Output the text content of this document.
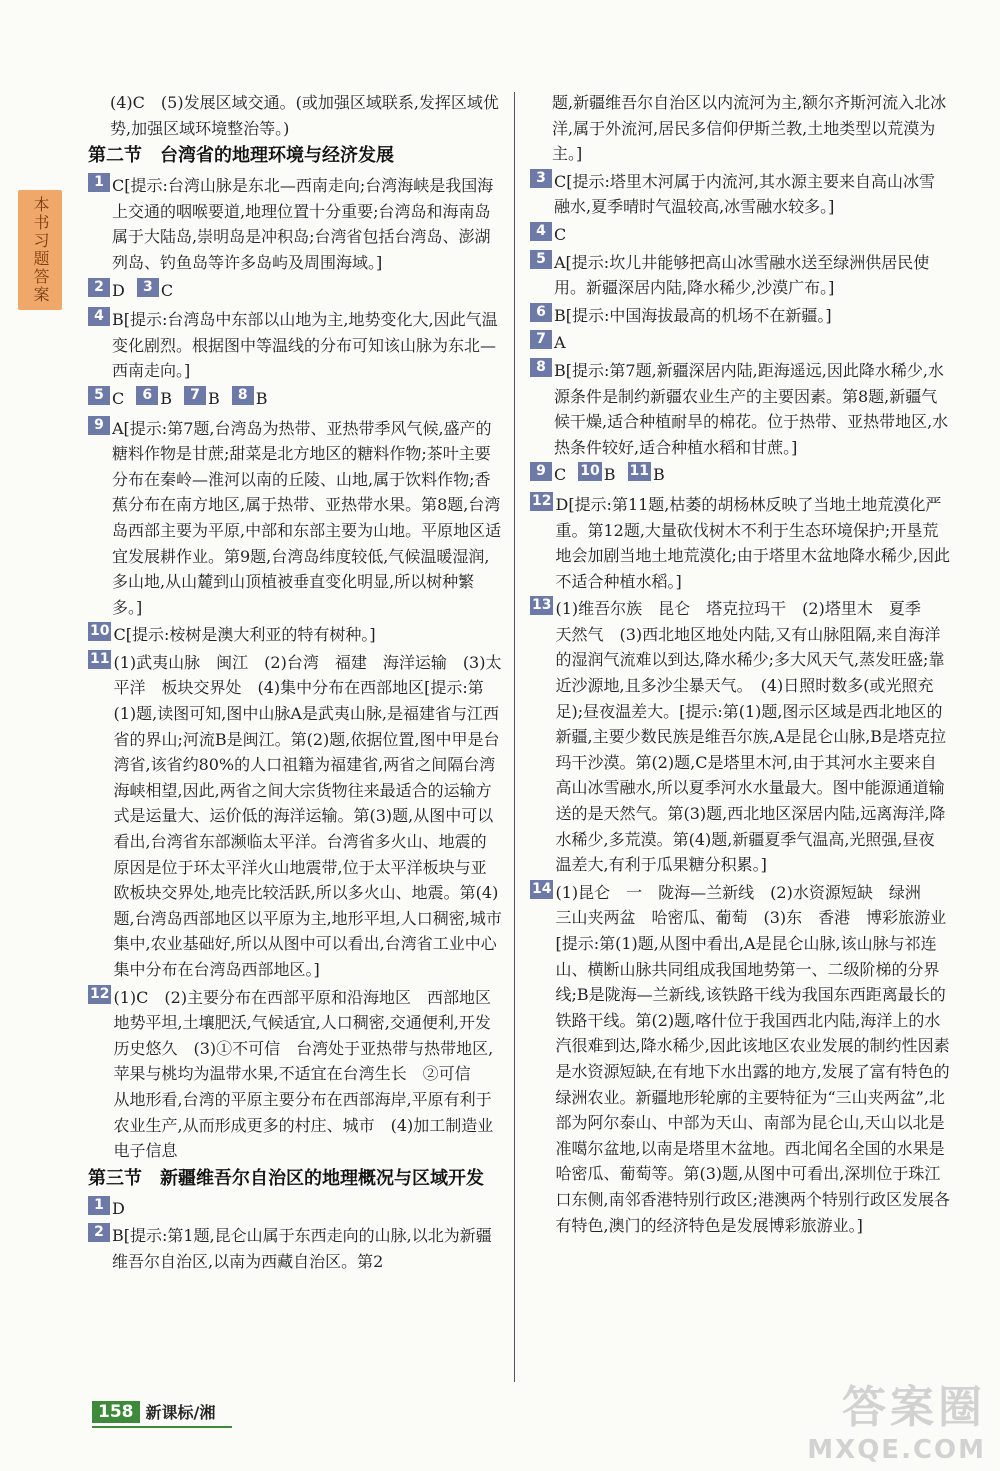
本书习题答案
(4)C　(5)发展区域交通。(或加强区域联系,发挥区域优势,加强区域环境整治等。)
第二节　台湾省的地理环境与经济发展
1 C[提示:台湾山脉是东北—西南走向;台湾海峡是我国海上交通的咽喉要道,地理位置十分重要;台湾岛和海南岛属于大陆岛,崇明岛是冲积岛;台湾省包括台湾岛、澎湖列岛、钓鱼岛等许多岛屿及周围海域。]
2 D	3 C
4 B[提示:台湾岛中东部以山地为主,地势变化大,因此气温变化剧烈。根据图中等温线的分布可知该山脉为东北—西南走向。]
5 C	6 B	7 B	8 B
9 A[提示:第7题,台湾岛为热带、亚热带季风气候,盛产的糖料作物是甘蔗;甜菜是北方地区的糖料作物;茶叶主要分布在秦岭—淮河以南的丘陵、山地,属于饮料作物;香蕉分布在南方地区,属于热带、亚热带水果。第8题,台湾岛西部主要为平原,中部和东部主要为山地。平原地区适宜发展耕作业。第9题,台湾岛纬度较低,气候温暖湿润,多山地,从山麓到山顶植被垂直变化明显,所以树种繁多。]
10 C[提示:桉树是澳大利亚的特有树种。]
11 (1)武夷山脉　闽江　(2)台湾　福建　海洋运输　(3)太平洋　板块交界处　(4)集中分布在西部地区[提示:第(1)题,读图可知,图中山脉A是武夷山脉,是福建省与江西省的界山;河流B是闽江。第(2)题,依据位置,图中甲是台湾省,该省约80%的人口祖籍为福建省,两省之间隔台湾海峡相望,因此,两省之间大宗货物往来最适合的运输方式是运量大、运价低的海洋运输。第(3)题,从图中可以看出,台湾省东部濒临太平洋。台湾省多火山、地震的原因是位于环太平洋火山地震带,位于太平洋板块与亚欧板块交界处,地壳比较活跃,所以多火山、地震。第(4)题,台湾岛西部地区以平原为主,地形平坦,人口稠密,城市集中,农业基础好,所以从图中可以看出,台湾省工业中心集中分布在台湾岛西部地区。]
12 (1)C　(2)主要分布在西部平原和沿海地区　西部地区地势平坦,土壤肥沃,气候适宜,人口稠密,交通便利,开发历史悠久　(3)①不可信　台湾处于亚热带与热带地区,苹果与桃均为温带水果,不适宜在台湾生长　②可信　从地形看,台湾的平原主要分布在西部海岸,平原有利于农业生产,从而形成更多的村庄、城市　(4)加工制造业　电子信息
第三节　新疆维吾尔自治区的地理概况与区域开发
1 D
2 B[提示:第1题,昆仑山属于东西走向的山脉,以北为新疆维吾尔自治区,以南为西藏自治区。第2
题,新疆维吾尔自治区以内流河为主,额尔齐斯河流入北冰洋,属于外流河,居民多信仰伊斯兰教,土地类型以荒漠为主。]
3 C[提示:塔里木河属于内流河,其水源主要来自高山冰雪融水,夏季晴时气温较高,冰雪融水较多。]
4 C
5 A[提示:坎儿井能够把高山冰雪融水送至绿洲供居民使用。新疆深居内陆,降水稀少,沙漠广布。]
6 B[提示:中国海拔最高的机场不在新疆。]
7 A
8 B[提示:第7题,新疆深居内陆,距海遥远,因此降水稀少,水源条件是制约新疆农业生产的主要因素。第8题,新疆气候干燥,适合种植耐旱的棉花。位于热带、亚热带地区,水热条件较好,适合种植水稻和甘蔗。]
9 C 10 B 11 B
12 D[提示:第11题,枯萎的胡杨林反映了当地土地荒漠化严重。第12题,大量砍伐树木不利于生态环境保护;开垦荒地会加剧当地土地荒漠化;由于塔里木盆地降水稀少,因此不适合种植水稻。]
13 (1)维吾尔族　昆仑　塔克拉玛干　(2)塔里木　夏季　天然气　(3)西北地区地处内陆,又有山脉阻隔,来自海洋的湿润气流难以到达,降水稀少;多大风天气,蒸发旺盛;靠近沙源地,且多沙尘暴天气。　(4)日照时数多(或光照充足);昼夜温差大。[提示:第(1)题,图示区域是西北地区的新疆,主要少数民族是维吾尔族,A是昆仑山脉,B是塔克拉玛干沙漠。第(2)题,C是塔里木河,由于其河水主要来自高山冰雪融水,所以夏季河水水量最大。图中能源通道输送的是天然气。第(3)题,西北地区深居内陆,远离海洋,降水稀少,多荒漠。第(4)题,新疆夏季气温高,光照强,昼夜温差大,有利于瓜果糖分积累。]
14 (1)昆仑　一　陇海—兰新线　(2)水资源短缺　绿洲　三山夹两盆　哈密瓜、葡萄　(3)东　香港　博彩旅游业[提示:第(1)题,从图中看出,A是昆仑山脉,该山脉与祁连山、横断山脉共同组成我国地势第一、二级阶梯的分界线;B是陇海—兰新线,该铁路干线为我国东西距离最长的铁路干线。第(2)题,喀什位于我国西北内陆,海洋上的水汽很难到达,降水稀少,因此该地区农业发展的制约性因素是水资源短缺,在有地下水出露的地方,发展了富有特色的绿洲农业。新疆地形轮廓的主要特征为“三山夹两盆”,北部为阿尔泰山、中部为天山、南部为昆仑山,天山以北是准噶尔盆地,以南是塔里木盆地。西北闻名全国的水果是哈密瓜、葡萄等。第(3)题,从图中可看出,深圳位于珠江口东侧,南邻香港特别行政区;港澳两个特别行政区发展各有特色,澳门的经济特色是发展博彩旅游业。]
158 新课标/湘	答案圈
MXQE.COM
